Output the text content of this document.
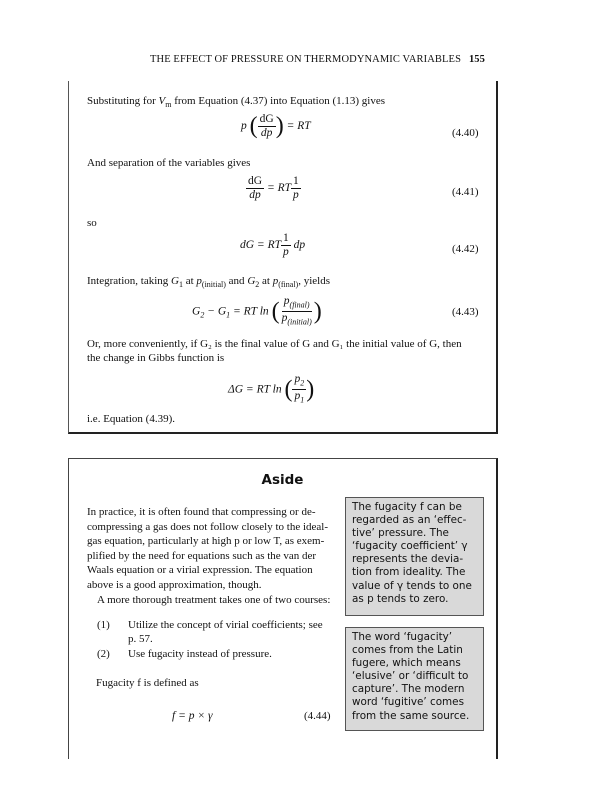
THE EFFECT OF PRESSURE ON THERMODYNAMIC VARIABLES 155
Substituting for $V_m$ from Equation (4.37) into Equation (1.13) gives
p ( $\frac{dG}{dp}$ ) = RT
(4.40)
And separation of the variables gives
$\frac{dG}{dp}$ = RT $\frac{1}{p}$	(4.41)
so
dG = RT $\frac{1}{p}$ dp	(4.42)
Integration, taking $G_1$ at $p_{(initial)}$ and $G_2$ at $p_{(final)}$, yields
$G_2 - G_1$ = RT ln ( $\frac{p_{(final)}}{p_{(initial)}}$ )	(4.43)
Or, more conveniently, if G₂ is the final value of G and G₁ the initial value of G, then
the change in Gibbs function is
ΔG = RT ln ( $\frac{p_2}{p_1}$ )
i.e. Equation (4.39).
Aside
In practice, it is often found that compressing or de-
compressing a gas does not follow closely to the ideal-
gas equation, particularly at high p or low T, as exem-
plified by the need for equations such as the van der
Waals equation or a virial expression. The equation
above is a good approximation, though.
A more thorough treatment takes one of two courses:
(1) Utilize the concept of virial coefficients; see
p. 57.
(2) Use fugacity instead of pressure.
Fugacity f is defined as
f = p × γ	(4.44)
The fugacity f can be
regarded as an ‘effec-
tive’ pressure. The
‘fugacity coefficient’ γ
represents the devia-
tion from ideality. The
value of γ tends to one
as p tends to zero.
The word ‘fugacity’
comes from the Latin
fugere, which means
‘elusive’ or ‘difficult to
capture’. The modern
word ‘fugitive’ comes
from the same source.
